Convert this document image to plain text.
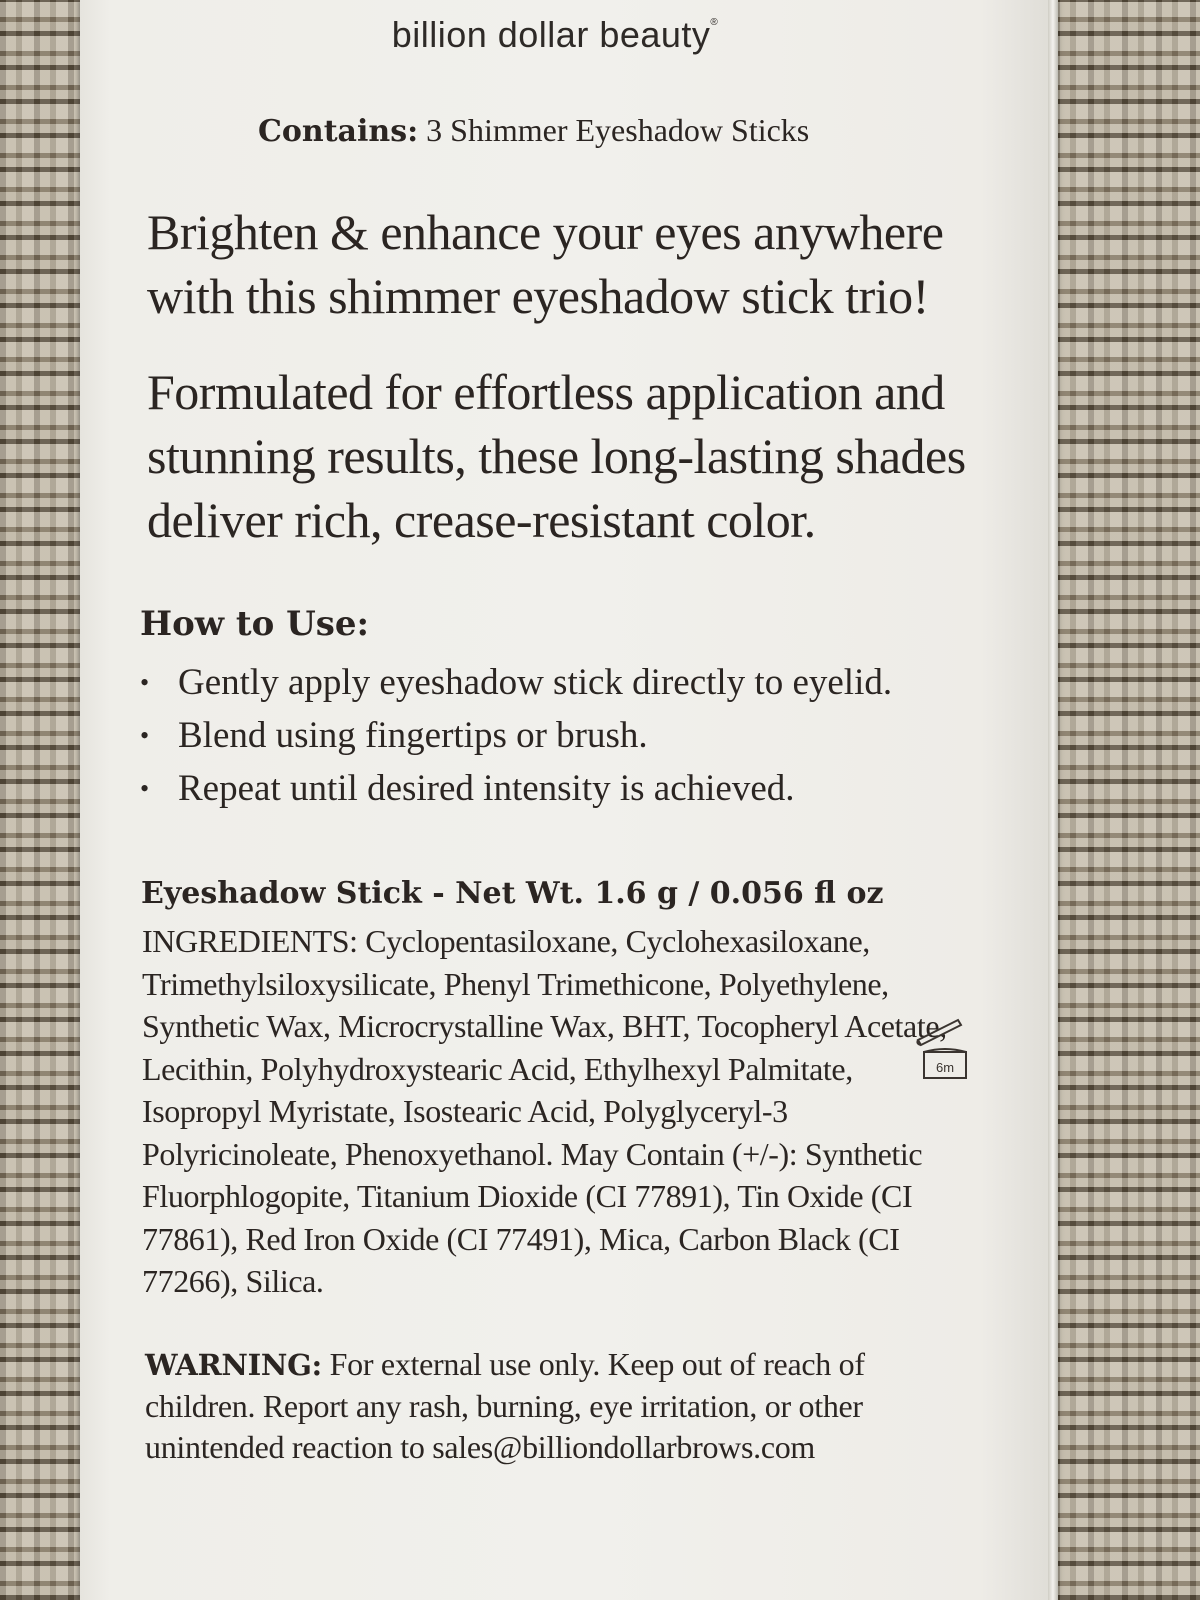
billion dollar beauty®
Contains: 3 Shimmer Eyeshadow Sticks
Brighten & enhance your eyes anywhere with this shimmer eyeshadow stick trio!
Formulated for effortless application and stunning results, these long-lasting shades deliver rich, crease-resistant color.
How to Use:
• Gently apply eyeshadow stick directly to eyelid.
• Blend using fingertips or brush.
• Repeat until desired intensity is achieved.
Eyeshadow Stick - Net Wt. 1.6 g / 0.056 fl oz
INGREDIENTS: Cyclopentasiloxane, Cyclohexasiloxane, Trimethylsiloxysilicate, Phenyl Trimethicone, Polyethylene, Synthetic Wax, Microcrystalline Wax, BHT, Tocopheryl Acetate, Lecithin, Polyhydroxystearic Acid, Ethylhexyl Palmitate, Isopropyl Myristate, Isostearic Acid, Polyglyceryl-3 Polyricinoleate, Phenoxyethanol. May Contain (+/-): Synthetic Fluorphlogopite, Titanium Dioxide (CI 77891), Tin Oxide (CI 77861), Red Iron Oxide (CI 77491), Mica, Carbon Black (CI 77266), Silica.
6m
WARNING: For external use only. Keep out of reach of children. Report any rash, burning, eye irritation, or other unintended reaction to sales@billiondollarbrows.com
